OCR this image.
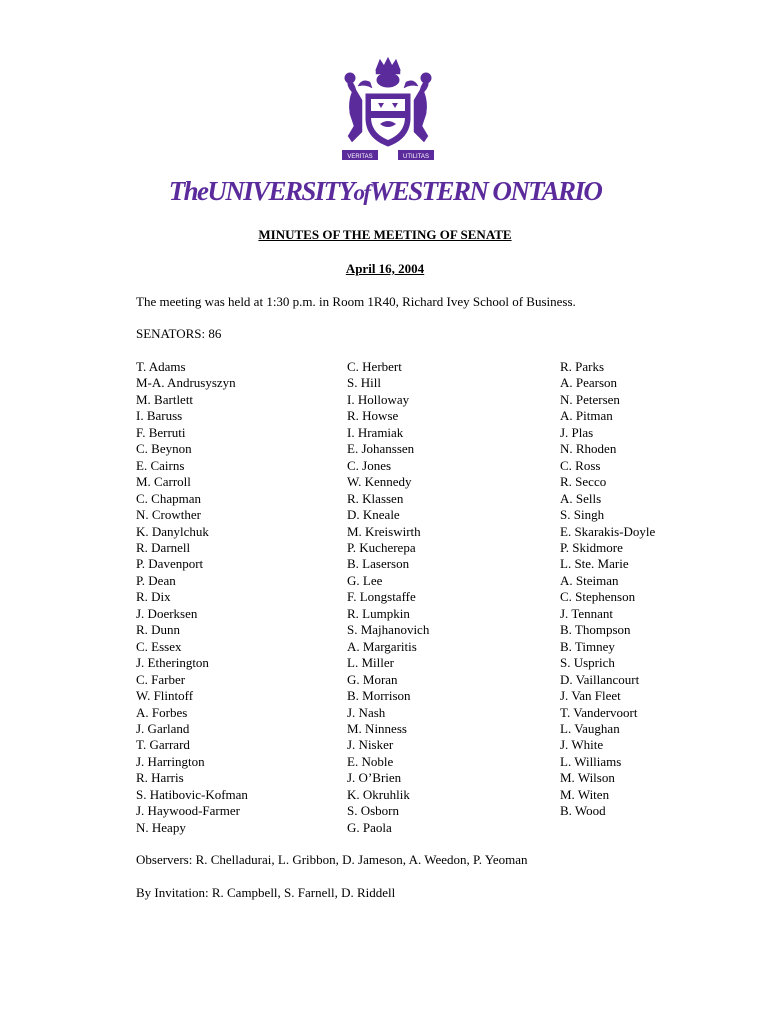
VERITAS	UTILITAS
TheUNIVERSITYofWESTERN ONTARIO
MINUTES OF THE MEETING OF SENATE
April 16, 2004

The meeting was held at 1:30 p.m. in Room 1R40, Richard Ivey School of Business.

SENATORS: 86

T. Adams
M-A. Andrusyszyn
M. Bartlett
I. Baruss
F. Berruti
C. Beynon
E. Cairns
M. Carroll
C. Chapman
N. Crowther
K. Danylchuk
R. Darnell
P. Davenport
P. Dean
R. Dix
J. Doerksen
R. Dunn
C. Essex
J. Etherington
C. Farber
W. Flintoff
A. Forbes
J. Garland
T. Garrard
J. Harrington
R. Harris
S. Hatibovic-Kofman
J. Haywood-Farmer
N. Heapy
C. Herbert
S. Hill
I. Holloway
R. Howse
I. Hramiak
E. Johanssen
C. Jones
W. Kennedy
R. Klassen
D. Kneale
M. Kreiswirth
P. Kucherepa
B. Laserson
G. Lee
F. Longstaffe
R. Lumpkin
S. Majhanovich
A. Margaritis
L. Miller
G. Moran
B. Morrison
J. Nash
M. Ninness
J. Nisker
E. Noble
J. O’Brien
K. Okruhlik
S. Osborn
G. Paola
R. Parks
A. Pearson
N. Petersen
A. Pitman
J. Plas
N. Rhoden
C. Ross
R. Secco
A. Sells
S. Singh
E. Skarakis-Doyle
P. Skidmore
L. Ste. Marie
A. Steiman
C. Stephenson
J. Tennant
B. Thompson
B. Timney
S. Usprich
D. Vaillancourt
J. Van Fleet
T. Vandervoort
L. Vaughan
J. White
L. Williams
M. Wilson
M. Witen
B. Wood

Observers: R. Chelladurai, L. Gribbon, D. Jameson, A. Weedon, P. Yeoman

By Invitation: R. Campbell, S. Farnell, D. Riddell
